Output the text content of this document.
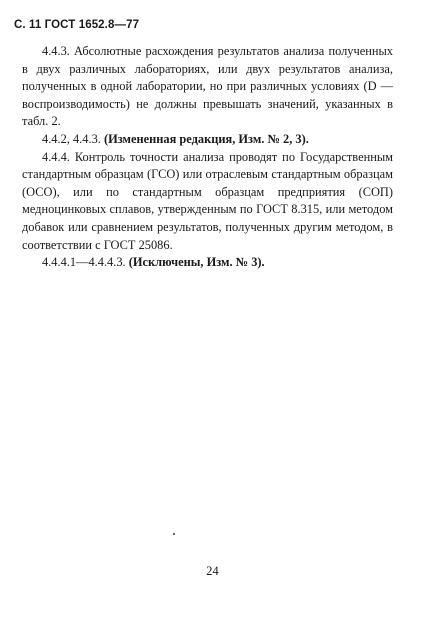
С. 11 ГОСТ 1652.8—77

4.4.3. Абсолютные расхождения результатов анализа полученных в двух различных лабораториях, или двух результатов анализа, полученных в одной лаборатории, но при различных условиях (D — воспроизводимость) не должны превышать значений, указанных в табл. 2.

4.4.2, 4.4.3. (Измененная редакция, Изм. № 2, 3).

4.4.4. Контроль точности анализа проводят по Государственным стандартным образцам (ГСО) или отраслевым стандартным образцам (ОСО), или по стандартным образцам предприятия (СОП) медноцинковых сплавов, утвержденным по ГОСТ 8.315, или методом добавок или сравнением результатов, полученных другим методом, в соответствии с ГОСТ 25086.

4.4.4.1—4.4.4.3. (Исключены, Изм. № 3).

24
